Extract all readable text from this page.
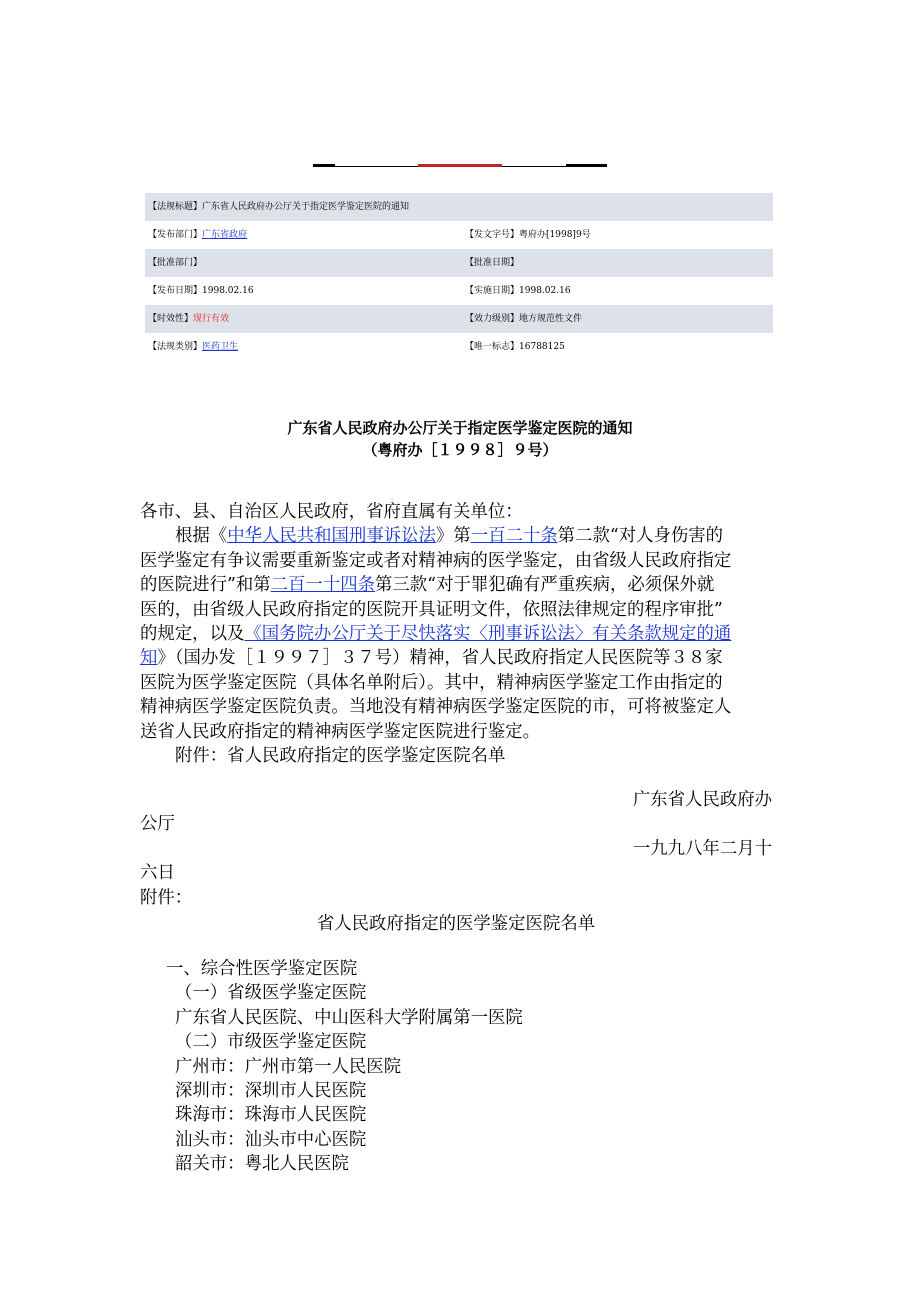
【法规标题】广东省人民政府办公厅关于指定医学鉴定医院的通知	
【发布部门】广东省政府	【发文字号】粤府办[1998]9号
【批准部门】	【批准日期】
【发布日期】1998.02.16	【实施日期】1998.02.16
【时效性】现行有效	【效力级别】地方规范性文件
【法规类别】医药卫生	【唯一标志】16788125
广东省人民政府办公厅关于指定医学鉴定医院的通知
（粤府办［１９９８］９号）

各市、县、自治区人民政府，省府直属有关单位：

根据《中华人民共和国刑事诉讼法》第一百二十条第二款“对人身伤害的

医学鉴定有争议需要重新鉴定或者对精神病的医学鉴定，由省级人民政府指定

的医院进行”和第二百一十四条第三款“对于罪犯确有严重疾病，必须保外就

医的，由省级人民政府指定的医院开具证明文件，依照法律规定的程序审批”

的规定，以及《国务院办公厅关于尽快落实〈刑事诉讼法〉有关条款规定的通

知》（国办发［１９９７］３７号）精神，省人民政府指定人民医院等３８家

医院为医学鉴定医院（具体名单附后）。其中，精神病医学鉴定工作由指定的

精神病医学鉴定医院负责。当地没有精神病医学鉴定医院的市，可将被鉴定人

送省人民政府指定的精神病医学鉴定医院进行鉴定。

附件：省人民政府指定的医学鉴定医院名单

广东省人民政府办

公厅

一九九八年二月十

六日

附件：

省人民政府指定的医学鉴定医院名单

一、综合性医学鉴定医院

（一）省级医学鉴定医院

广东省人民医院、中山医科大学附属第一医院

（二）市级医学鉴定医院

广州市：广州市第一人民医院

深圳市：深圳市人民医院

珠海市：珠海市人民医院

汕头市：汕头市中心医院

韶关市：粤北人民医院
